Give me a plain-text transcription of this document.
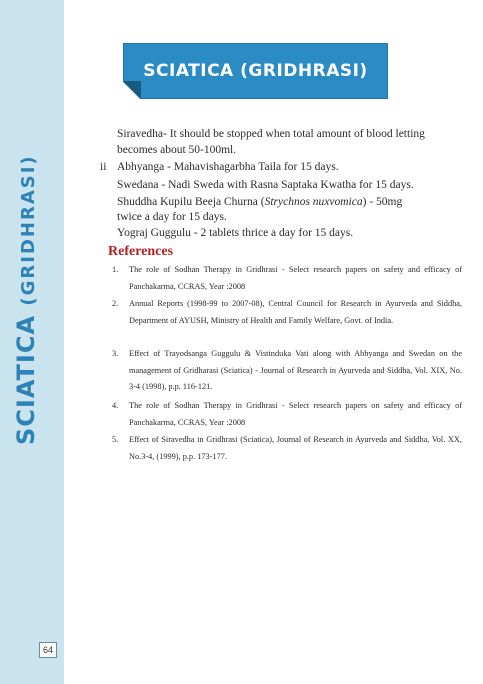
SCIATICA (GRIDHRASI)
64
SCIATICA (GRIDHRASI)
Siravedha- It should be stopped when total amount of blood letting
becomes about 50-100ml.
ii Abhyanga - Mahavishagarbha Taila for 15 days.
Swedana - Nadi Sweda with Rasna Saptaka Kwatha for 15 days.
Shuddha Kupilu Beeja Churna (Strychnos nuxvomica) - 50mg
twice a day for 15 days.
Yograj Guggulu - 2 tablets thrice a day for 15 days.
References
1. The role of Sodhan Therapy in Gridhrasi - Select research papers on safety and efficacy of Panchakarma, CCRAS, Year :2008
2. Annual Reports (1998-99 to 2007-08), Central Council for Research in Ayurveda and Siddha, Department of AYUSH, Ministry of Health and Family Welfare, Govt. of India.
3. Effect of Trayodsanga Guggulu & Vistinduka Vati along with Abhyanga and Swedan on the management of Gridharasi (Sciatica) - Journal of Research in Ayurveda and Siddha, Vol. XIX, No. 3-4 (1998), p.p. 116-121.
4. The role of Sodhan Therapy in Gridhrasi - Select research papers on safety and efficacy of Panchakarma, CCRAS, Year :2008
5. Effect of Siravedha in Gridhrasi (Sciatica), Journal of Research in Ayurveda and Siddha, Vol. XX, No.3-4, (1999), p.p. 173-177.
